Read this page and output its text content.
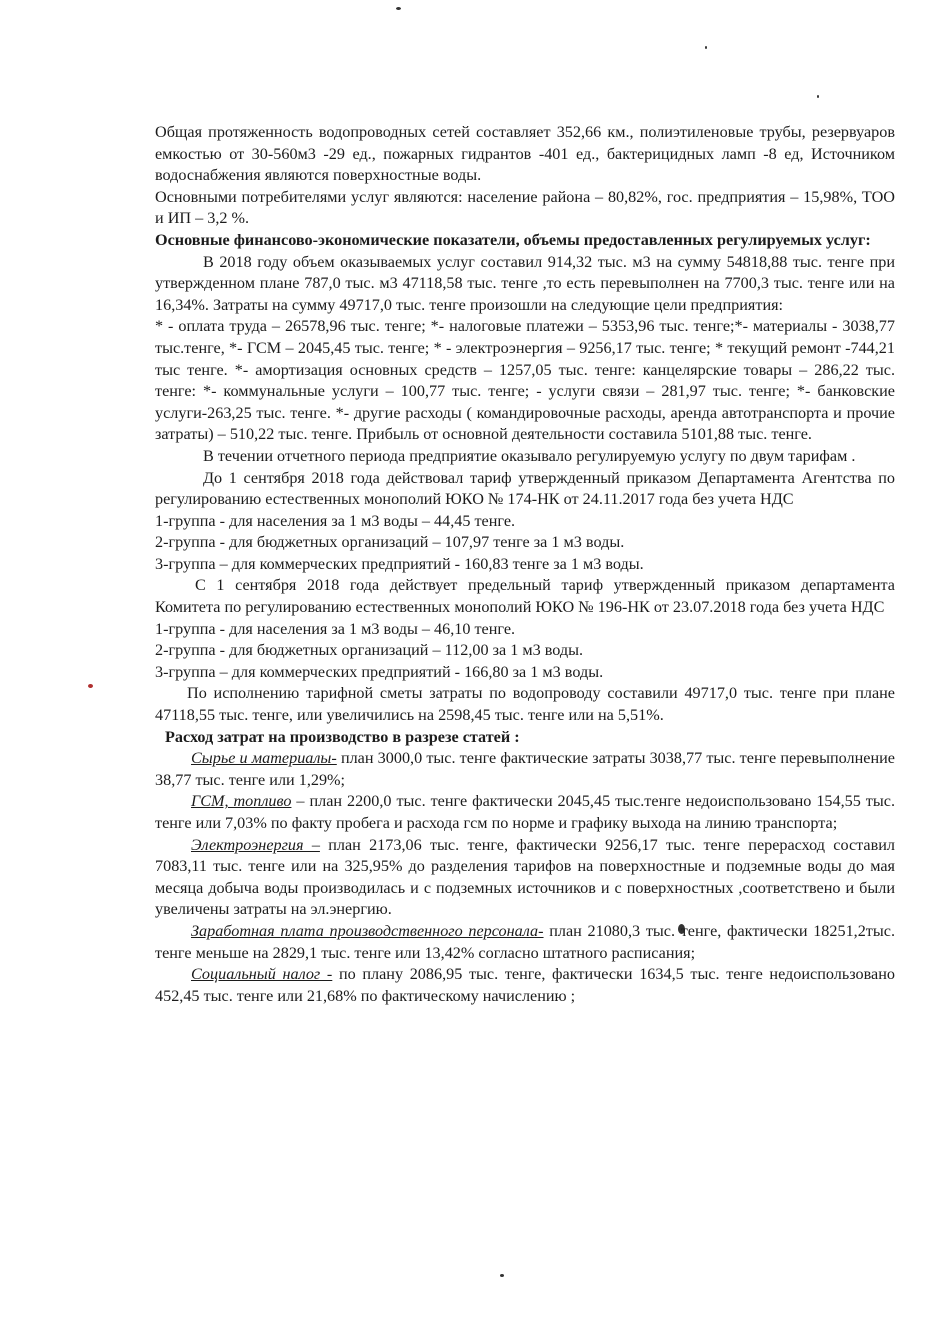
Общая протяженность водопроводных сетей составляет 352,66 км., полиэтиленовые трубы, резервуаров емкостью от 30-560м3 -29 ед., пожарных гидрантов -401 ед., бактерицидных ламп -8 ед, Источником водоснабжения являются поверхностные воды.

Основными потребителями услуг являются: население района – 80,82%, гос. предприятия – 15,98%, ТОО и ИП – 3,2 %.

Основные финансово-экономические показатели, объемы предоставленных регулируемых услуг:

В 2018 году объем оказываемых услуг составил 914,32 тыс. м3 на сумму 54818,88 тыс. тенге при утвержденном плане 787,0 тыс. м3 47118,58 тыс. тенге ,то есть перевыполнен на 7700,3 тыс. тенге или на 16,34%. Затраты на сумму 49717,0 тыс. тенге произошли на следующие цели предприятия:

* - оплата труда – 26578,96 тыс. тенге; *- налоговые платежи – 5353,96 тыс. тенге;*- материалы - 3038,77 тыс.тенге, *- ГСМ – 2045,45 тыс. тенге; * - электроэнергия – 9256,17 тыс. тенге; * текущий ремонт -744,21 тыс тенге. *- амортизация основных средств – 1257,05 тыс. тенге: канцелярские товары – 286,22 тыс. тенге: *- коммунальные услуги – 100,77 тыс. тенге; - услуги связи – 281,97 тыс. тенге; *- банковские услуги-263,25 тыс. тенге. *- другие расходы ( командировочные расходы, аренда автотранспорта и прочие затраты) – 510,22 тыс. тенге. Прибыль от основной деятельности составила 5101,88 тыс. тенге.

В течении отчетного периода предприятие оказывало регулируемую услугу по двум тарифам .

До 1 сентября 2018 года действовал тариф утвержденный приказом Департамента Агентства по регулированию естественных монополий ЮКО № 174-НК от 24.11.2017 года без учета НДС

1-группа - для населения за 1 м3 воды – 44,45 тенге.

2-группа - для бюджетных организаций – 107,97 тенге за 1 м3 воды.

3-группа – для коммерческих предприятий - 160,83 тенге за 1 м3 воды.

С 1 сентября 2018 года действует предельный тариф утвержденный приказом департамента Комитета по регулированию естественных монополий ЮКО № 196-НК от 23.07.2018 года без учета НДС

1-группа - для населения за 1 м3 воды – 46,10 тенге.

2-группа - для бюджетных организаций – 112,00 за 1 м3 воды.

3-группа – для коммерческих предприятий - 166,80 за 1 м3 воды.

По исполнению тарифной сметы затраты по водопроводу составили 49717,0 тыс. тенге при плане 47118,55 тыс. тенге, или увеличились на 2598,45 тыс. тенге или на 5,51%.

Расход затрат на производство в разрезе статей :

Сырье и материалы- план 3000,0 тыс. тенге фактические затраты 3038,77 тыс. тенге перевыполнение 38,77 тыс. тенге или 1,29%;

ГСМ, топливо – план 2200,0 тыс. тенге фактически 2045,45 тыс.тенге недоиспользовано 154,55 тыс. тенге или 7,03% по факту пробега и расхода гсм по норме и графику выхода на линию транспорта;

Электроэнергия – план 2173,06 тыс. тенге, фактически 9256,17 тыс. тенге перерасход составил 7083,11 тыс. тенге или на 325,95% до разделения тарифов на поверхностные и подземные воды до мая месяца добыча воды производилась и с подземных источников и с поверхностных ,соответствено и были увеличены затраты на эл.энергию.

Заработная плата производственного персонала- план 21080,3 тыс. тенге, фактически 18251,2тыс. тенге меньше на 2829,1 тыс. тенге или 13,42% согласно штатного расписания;

Социальный налог - по плану 2086,95 тыс. тенге, фактически 1634,5 тыс. тенге недоиспользовано 452,45 тыс. тенге или 21,68% по фактическому начислению ;
